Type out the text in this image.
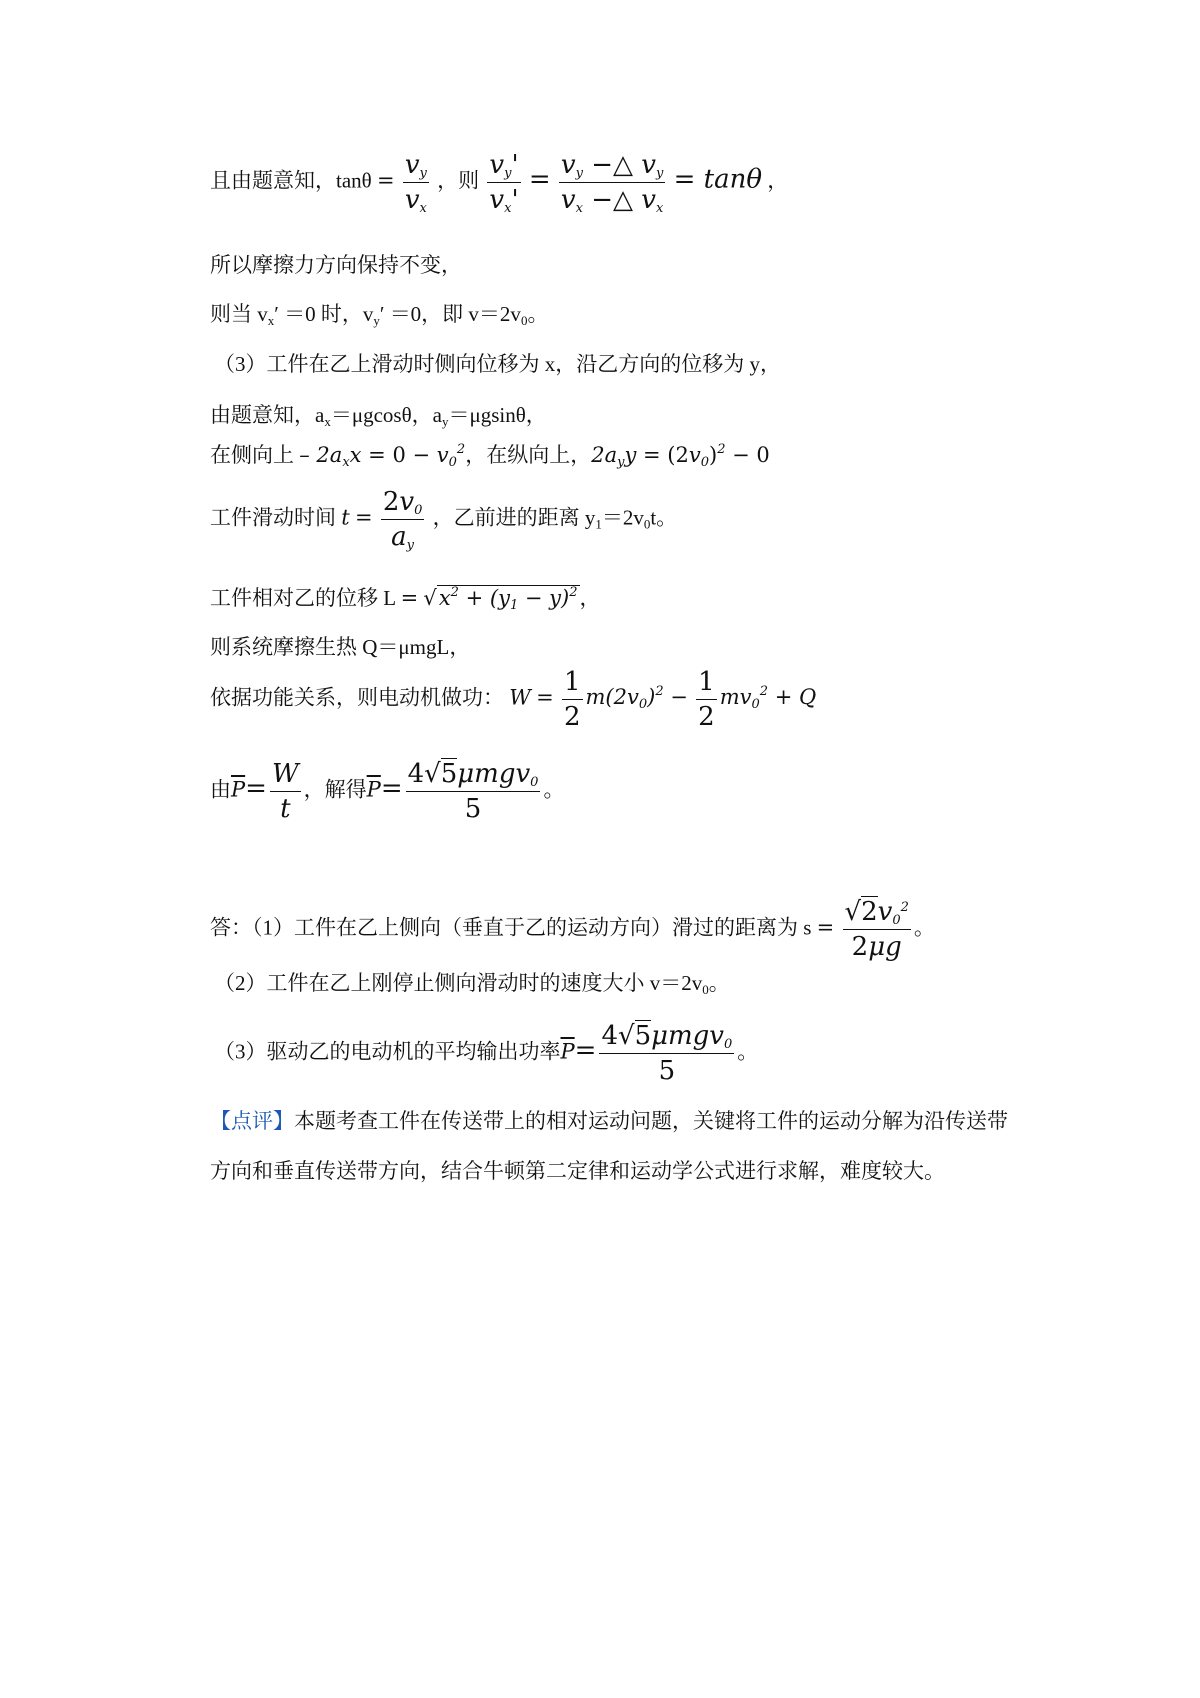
且由题意知，$\tan\theta = \frac{v_y}{v_x}$ ，则 $\frac{v_y'}{v_x'} = \frac{v_y -\triangle v_y}{v_x -\triangle v_x} = \tan\theta$ ，
所以摩擦力方向保持不变，
则当 $v_x' =0$ 时，$v_y' =0$，即 $v=2v_0$。
（3）工件在乙上滑动时侧向位移为 x，沿乙方向的位移为 y，
由题意知，$a_x=\mu gcos\theta$，$a_y=\mu gsin\theta$，
在侧向上 – $2a_xx = 0 - v_0^2$，在纵向上，$2a_yy = (2v_0)^2 - 0$
工件滑动时间 $t = \frac{2v_0}{a_y}$ ，乙前进的距离 $y_1=2v_0t$。
工件相对乙的位移 $L = √x^2 + (y_1 - y)^2$，
则系统摩擦生热 Q＝μmgL，
依据功能关系，则电动机做功： $W = \frac{1}{2} m(2v_0)^2 - \frac{1}{2} mv_0^2 + Q$
由$\overline{P}= \frac{W}{t}$ ，解得$\overline{P}= \frac{4√5\mu mgv_0}{5}$ 。
答：（1）工件在乙上侧向（垂直于乙的运动方向）滑过的距离为 $s = \frac{√2v_0^2}{2\mu g}$ 。
（2）工件在乙上刚停止侧向滑动时的速度大小 $v=2v_0$。
（3）驱动乙的电动机的平均输出功率$\overline{P}= \frac{4√5\mu mgv_0}{5}$ 。
【点评】本题考查工件在传送带上的相对运动问题，关键将工件的运动分解为沿传送带
方向和垂直传送带方向，结合牛顿第二定律和运动学公式进行求解，难度较大。
